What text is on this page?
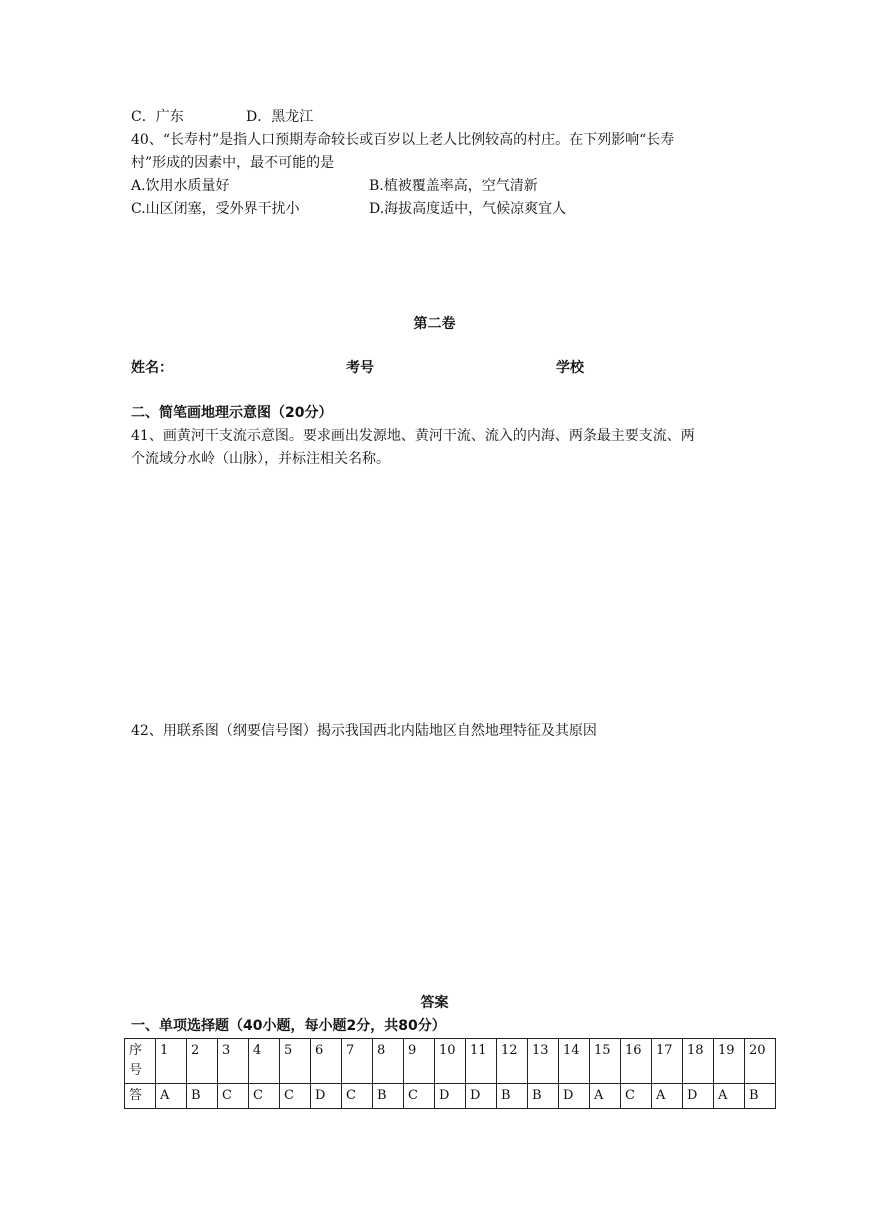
C．广东	D．黑龙江
40、“长寿村”是指人口预期寿命较长或百岁以上老人比例较高的村庄。在下列影响“长寿
村”形成的因素中，最不可能的是
A.饮用水质量好	B.植被覆盖率高，空气清新
C.山区闭塞，受外界干扰小	D.海拔高度适中，气候凉爽宜人
第二卷
姓名：	考号	学校
二、简笔画地理示意图（20分）
41、画黄河干支流示意图。要求画出发源地、黄河干流、流入的内海、两条最主要支流、两
个流域分水岭（山脉），并标注相关名称。
42、用联系图（纲要信号图）揭示我国西北内陆地区自然地理特征及其原因
答案
一、单项选择题（40小题，每小题2分，共80分）
序
号	1	2	3	4	5	6	7	8	9	10	11	12	13	14	15	16	17	18	19	20
答	A	B	C	C	C	D	C	B	C	D	D	B	B	D	A	C	A	D	A	B
